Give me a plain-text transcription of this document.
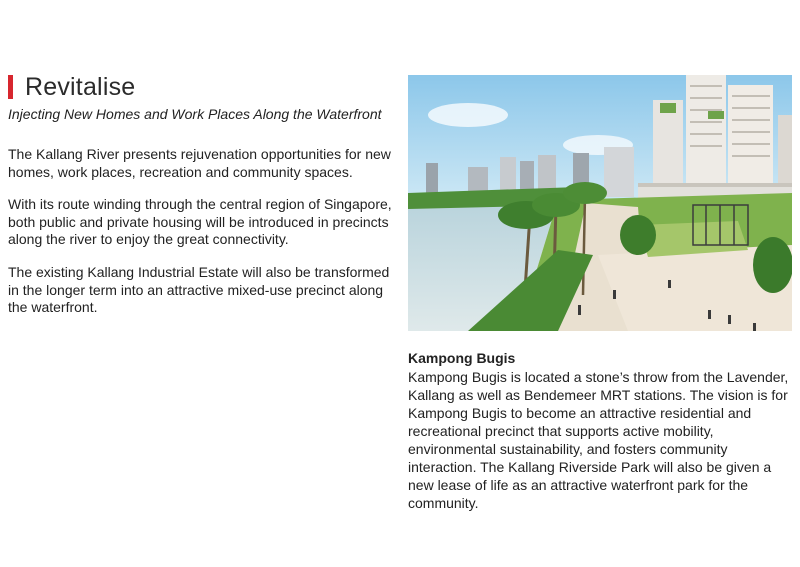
Revitalise
Injecting New Homes and Work Places Along the Waterfront
The Kallang River presents rejuvenation opportunities for new homes, work places, recreation and community spaces.
With its route winding through the central region of Singapore, both public and private housing will be introduced in precincts along the river to enjoy the great connectivity.
The existing Kallang Industrial Estate will also be transformed in the longer term into an attractive mixed-use precinct along the waterfront.
Kampong Bugis
Kampong Bugis is located a stone’s throw from the Lavender, Kallang as well as Bendemeer MRT stations. The vision is for Kampong Bugis to become an attractive residential and recreational precinct that supports active mobility, environmental sustainability, and fosters community interaction. The Kallang Riverside Park will also be given a new lease of life as an attractive waterfront park for the community.
